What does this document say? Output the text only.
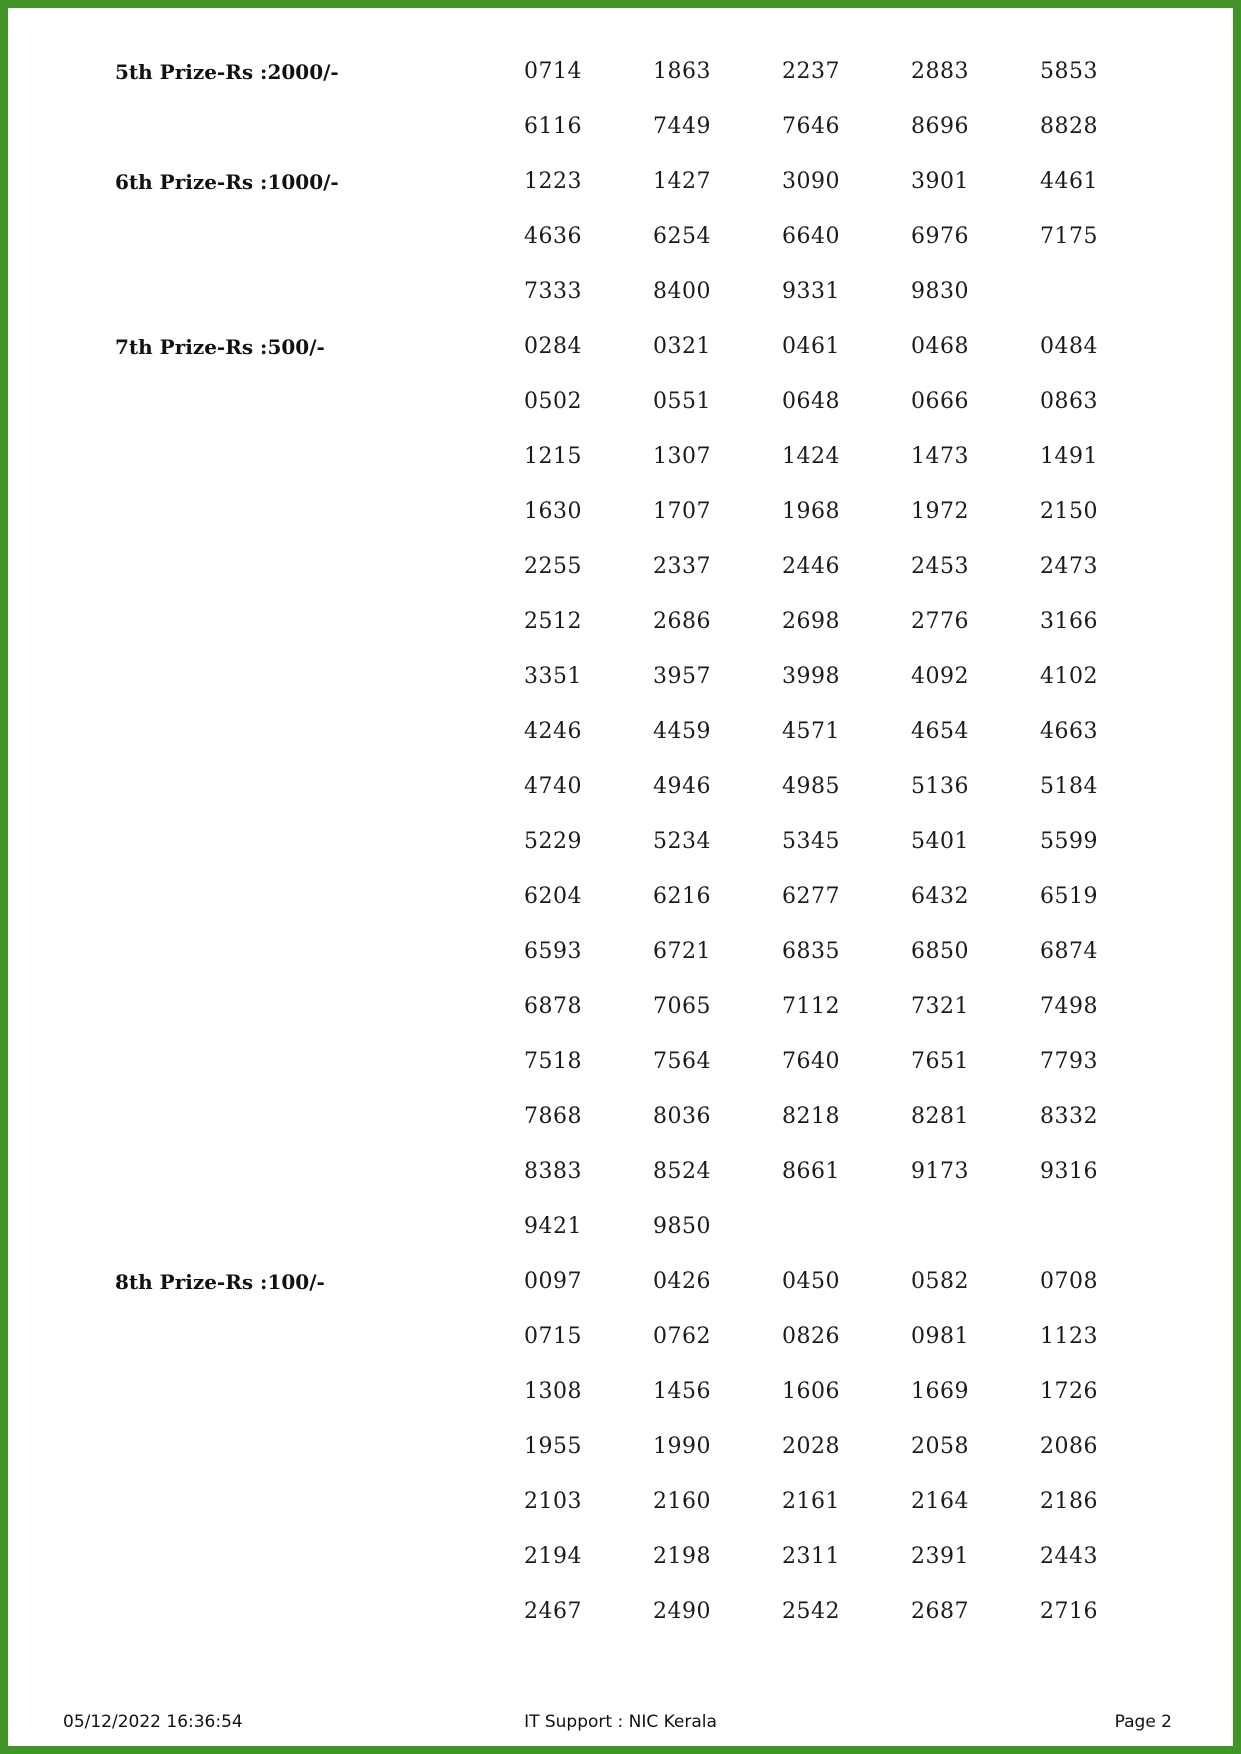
5th Prize-Rs :2000/-	0714	1863	2237	2883	5853
6116	7449	7646	8696	8828
6th Prize-Rs :1000/-	1223	1427	3090	3901	4461
4636	6254	6640	6976	7175
7333	8400	9331	9830
7th Prize-Rs :500/-	0284	0321	0461	0468	0484
0502	0551	0648	0666	0863
1215	1307	1424	1473	1491
1630	1707	1968	1972	2150
2255	2337	2446	2453	2473
2512	2686	2698	2776	3166
3351	3957	3998	4092	4102
4246	4459	4571	4654	4663
4740	4946	4985	5136	5184
5229	5234	5345	5401	5599
6204	6216	6277	6432	6519
6593	6721	6835	6850	6874
6878	7065	7112	7321	7498
7518	7564	7640	7651	7793
7868	8036	8218	8281	8332
8383	8524	8661	9173	9316
9421	9850
8th Prize-Rs :100/-	0097	0426	0450	0582	0708
0715	0762	0826	0981	1123
1308	1456	1606	1669	1726
1955	1990	2028	2058	2086
2103	2160	2161	2164	2186
2194	2198	2311	2391	2443
2467	2490	2542	2687	2716
05/12/2022 16:36:54	IT Support : NIC Kerala	Page 2
